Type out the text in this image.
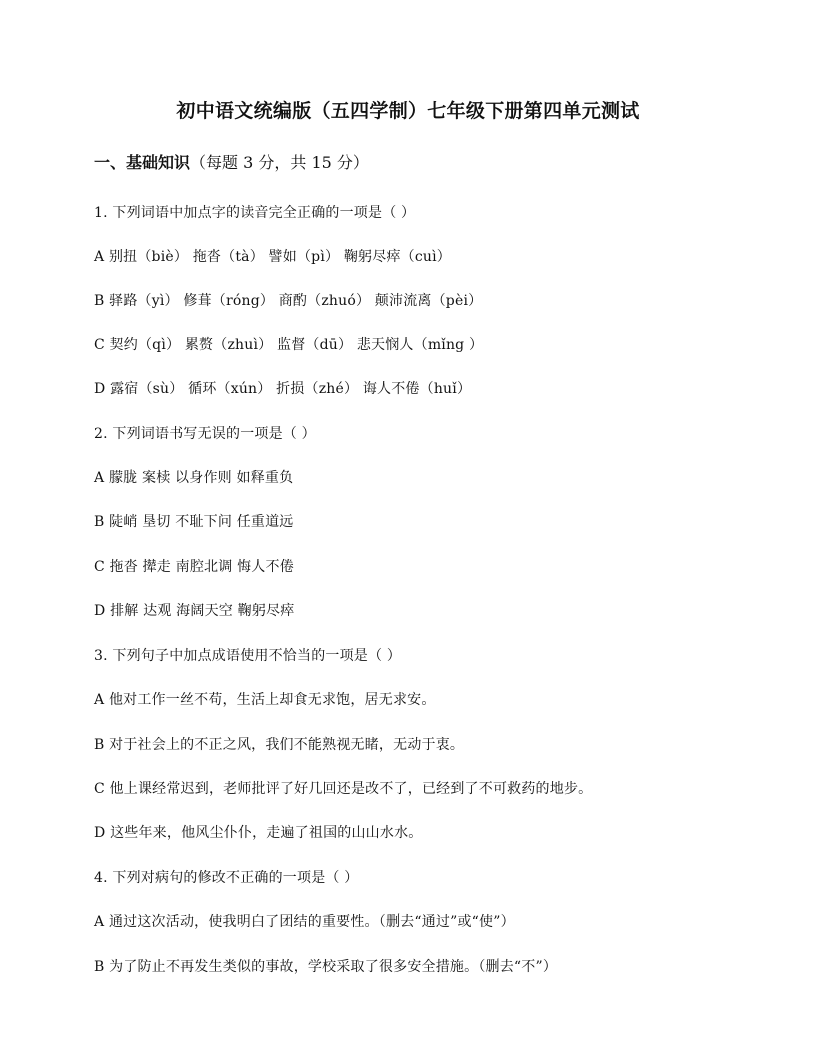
初中语文统编版（五四学制）七年级下册第四单元测试
一、基础知识（每题 3 分，共 15 分）
1. 下列词语中加点字的读音完全正确的一项是（ ）
A 别扭（biè） 拖沓（tà） 譬如（pì） 鞠躬尽瘁（cuì）
B 驿路（yì） 修葺（róng） 商酌（zhuó） 颠沛流离（pèi）
C 契约（qì） 累赘（zhuì） 监督（dū） 悲天悯人（mǐng ）
D 露宿（sù） 循环（xún） 折损（zhé） 诲人不倦（huǐ）
2. 下列词语书写无误的一项是（ ）
A 朦胧 案椟 以身作则 如释重负
B 陡峭 垦切 不耻下问 任重道远
C 拖沓 撵走 南腔北调 悔人不倦
D 排解 达观 海阔天空 鞠躬尽瘁
3. 下列句子中加点成语使用不恰当的一项是（ ）
A 他对工作一丝不苟，生活上却食无求饱，居无求安。
B 对于社会上的不正之风，我们不能熟视无睹，无动于衷。
C 他上课经常迟到，老师批评了好几回还是改不了，已经到了不可救药的地步。
D 这些年来，他风尘仆仆，走遍了祖国的山山水水。
4. 下列对病句的修改不正确的一项是（ ）
A 通过这次活动，使我明白了团结的重要性。（删去“通过”或“使”）
B 为了防止不再发生类似的事故，学校采取了很多安全措施。（删去“不”）
